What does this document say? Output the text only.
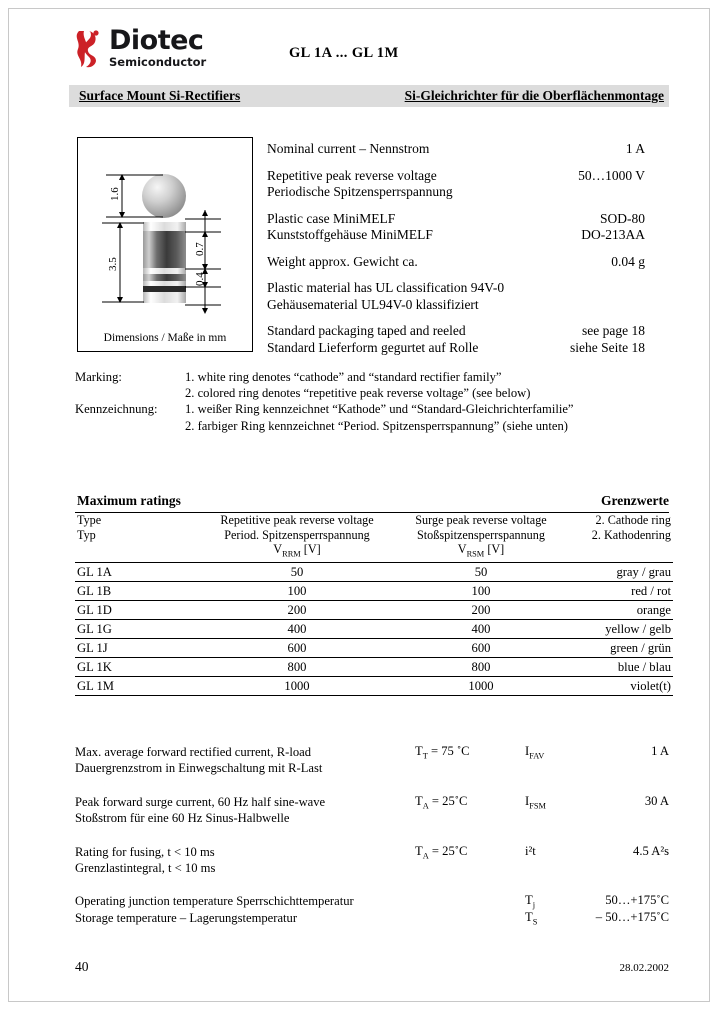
Diotec
Semiconductor
GL 1A ... GL 1M
Surface Mount Si-Rectifiers	Si-Gleichrichter für die Oberflächenmontage
1.6
3.5
0.7
0.4
Dimensions / Maße in mm
Nominal current – Nennstrom	1 A
Repetitive peak reverse voltage
Periodische Spitzensperrspannung
50…1000 V
Plastic case MiniMELF
Kunststoffgehäuse MiniMELF
SOD-80
DO-213AA
Weight approx. Gewicht ca.	0.04 g
Plastic material has UL classification 94V-0
Gehäusematerial UL94V-0 klassifiziert
Standard packaging taped and reeled
Standard Lieferform gegurtet auf Rolle
see page 18
siehe Seite 18
Marking:	1. white ring denotes “cathode” and “standard rectifier family”
2. colored ring denotes “repetitive peak reverse voltage” (see below)
Kennzeichnung: 1. weißer Ring kennzeichnet “Kathode” und “Standard-Gleichrichterfamilie”
2. farbiger Ring kennzeichnet “Period. Spitzensperrspannung” (siehe unten)
Maximum ratings	Grenzwerte
Type
Typ

Repetitive peak reverse voltage
Period. Spitzensperrspannung
$V_{RRM}$ [V]

Surge peak reverse voltage
Stoßspitzensperrspannung
$V_{RSM}$ [V]

2. Cathode ring
2. Kathodenring

GL 1A	50	50	gray / grau
GL 1B	100	100	red / rot
GL 1D	200	200	orange
GL 1G	400	400	yellow / gelb
GL 1J	600	600	green / grün
GL 1K	800	800	blue / blau
GL 1M	1000	1000	violet(t)
Max. average forward rectified current, R-load
Dauergrenzstrom in Einwegschaltung mit R-Last
$T_T = 75$ ˚C	$I_{FAV}$	1 A
Peak forward surge current, 60 Hz half sine-wave
Stoßstrom für eine 60 Hz Sinus-Halbwelle
$T_A$ = 25˚C	$I_{FSM}$	30 A
Rating for fusing, t < 10 ms
Grenzlastintegral, t < 10 ms
$T_A$ = 25˚C	i²t	4.5 A²s
Operating junction temperature Sperrschichttemperatur
Storage temperature – Lagerungstemperatur
$T_j$	50…+175˚C
$T_S$	– 50…+175˚C
40	28.02.2002
